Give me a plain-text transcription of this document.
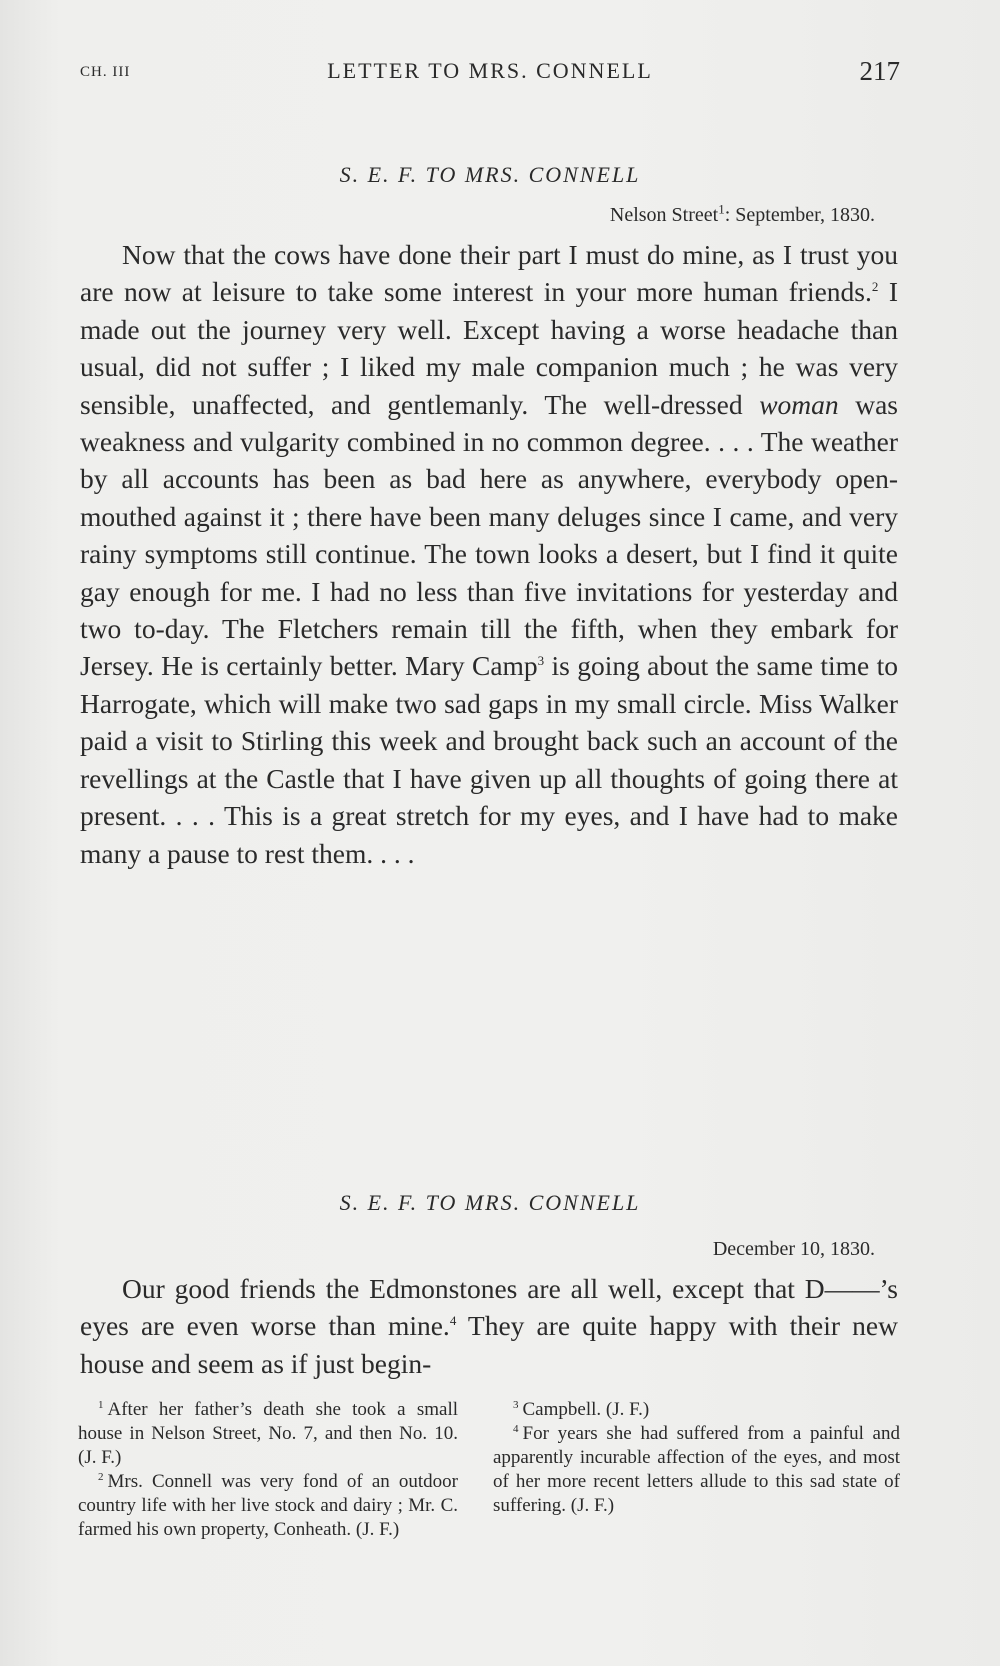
CH. III	LETTER TO MRS. CONNELL	217
S. E. F. TO MRS. CONNELL
Nelson Street$^1$: September, 1830.

Now that the cows have done their part I must do mine, as I trust you are now at leisure to take some interest in your more human friends.$^2$ I made out the journey very well. Except having a worse headache than usual, did not suffer ; I liked my male companion much ; he was very sensible, unaffected, and gentlemanly. The well-dressed woman was weakness and vulgarity combined in no common degree. . . . The weather by all accounts has been as bad here as anywhere, everybody open-mouthed against it ; there have been many deluges since I came, and very rainy symptoms still continue. The town looks a desert, but I find it quite gay enough for me. I had no less than five invitations for yesterday and two to-day. The Fletchers remain till the fifth, when they embark for Jersey. He is certainly better. Mary Camp$^3$ is going about the same time to Harrogate, which will make two sad gaps in my small circle. Miss Walker paid a visit to Stirling this week and brought back such an account of the revellings at the Castle that I have given up all thoughts of going there at present. . . . This is a great stretch for my eyes, and I have had to make many a pause to rest them. . . .

S. E. F. TO MRS. CONNELL
December 10, 1830.

Our good friends the Edmonstones are all well, except that D——’s eyes are even worse than mine.$^4$ They are quite happy with their new house and seem as if just begin-

$^1$ After her father’s death she took a small house in Nelson Street, No. 7, and then No. 10. (J. F.)

$^2$ Mrs. Connell was very fond of an outdoor country life with her live stock and dairy ; Mr. C. farmed his own property, Conheath. (J. F.)

$^3$ Campbell. (J. F.)

$^4$ For years she had suffered from a painful and apparently incurable affection of the eyes, and most of her more recent letters allude to this sad state of suffering. (J. F.)
